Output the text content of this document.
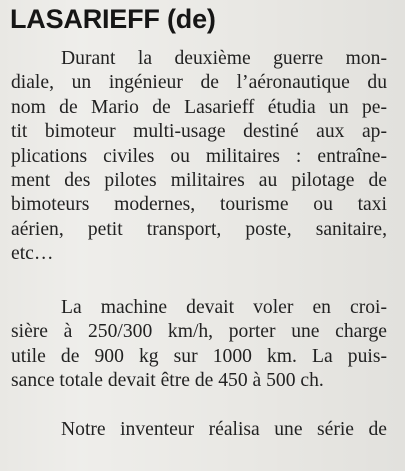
LASARIEFF (de)

Durant la deuxième guerre mon-
diale, un ingénieur de l’aéronautique du
nom de Mario de Lasarieff étudia un pe-
tit bimoteur multi-usage destiné aux ap-
plications civiles ou militaires : entraîne-
ment des pilotes militaires au pilotage de
bimoteurs modernes, tourisme ou taxi
aérien, petit transport, poste, sanitaire,
etc…

La machine devait voler en croi-
sière à 250/300 km/h, porter une charge
utile de 900 kg sur 1000 km. La puis-
sance totale devait être de 450 à 500 ch.

Notre inventeur réalisa une série de
